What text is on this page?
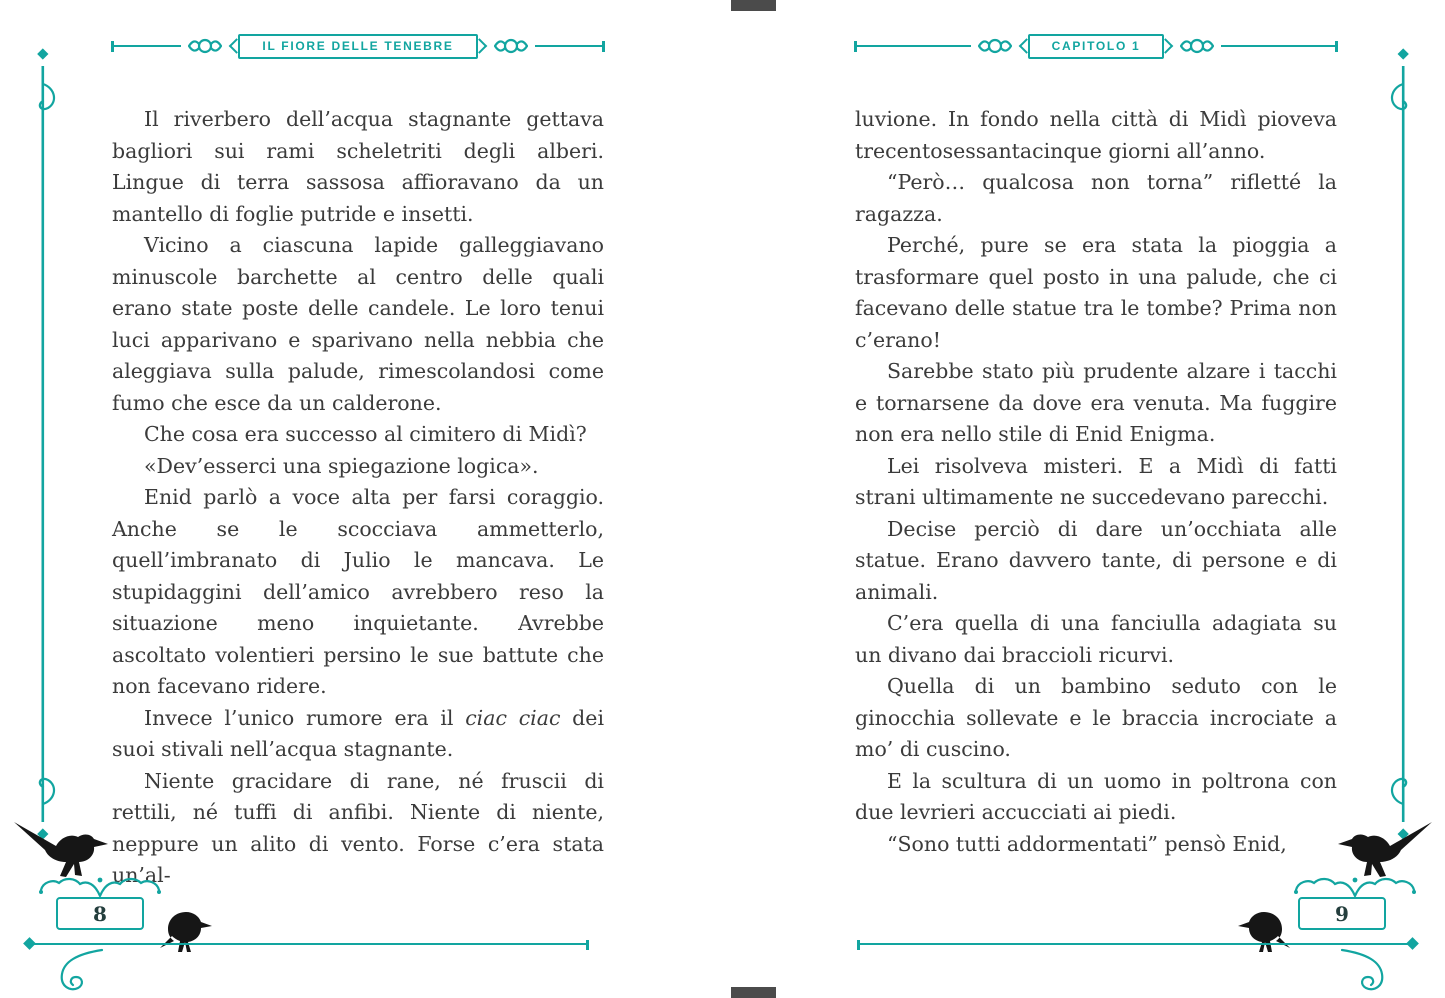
IL FIORE DELLE TENEBRE

Il riverbero dell’acqua stagnante gettava bagliori sui rami scheletriti degli alberi. Lingue di terra sassosa affioravano da un mantello di foglie putride e insetti.

Vicino a ciascuna lapide galleggiavano minuscole barchette al centro delle quali erano state poste delle candele. Le loro tenui luci apparivano e sparivano nella nebbia che aleggiava sulla palude, rimescolandosi come fumo che esce da un calderone.

Che cosa era successo al cimitero di Midì?

«Dev’esserci una spiegazione logica».

Enid parlò a voce alta per farsi coraggio. Anche se le scocciava ammetterlo, quell’imbranato di Julio le mancava. Le stupidaggini dell’amico avrebbero reso la situazione meno inquietante. Avrebbe ascoltato volentieri persino le sue battute che non facevano ridere.

Invece l’unico rumore era il ciac ciac dei suoi stivali nell’acqua stagnante.

Niente gracidare di rane, né fruscii di rettili, né tuffi di anfibi. Niente di niente, neppure un alito di vento. Forse c’era stata un’al-

8
CAPITOLO 1

luvione. In fondo nella città di Midì pioveva trecentosessantacinque giorni all’anno.

“Però… qualcosa non torna” rifletté la ragazza.

Perché, pure se era stata la pioggia a trasformare quel posto in una palude, che ci facevano delle statue tra le tombe? Prima non c’erano!

Sarebbe stato più prudente alzare i tacchi e tornarsene da dove era venuta. Ma fuggire non era nello stile di Enid Enigma.

Lei risolveva misteri. E a Midì di fatti strani ultimamente ne succedevano parecchi.

Decise perciò di dare un’occhiata alle statue. Erano davvero tante, di persone e di animali.

C’era quella di una fanciulla adagiata su un divano dai braccioli ricurvi.

Quella di un bambino seduto con le ginocchia sollevate e le braccia incrociate a mo’ di cuscino.

E la scultura di un uomo in poltrona con due levrieri accucciati ai piedi.

“Sono tutti addormentati” pensò Enid,

9
